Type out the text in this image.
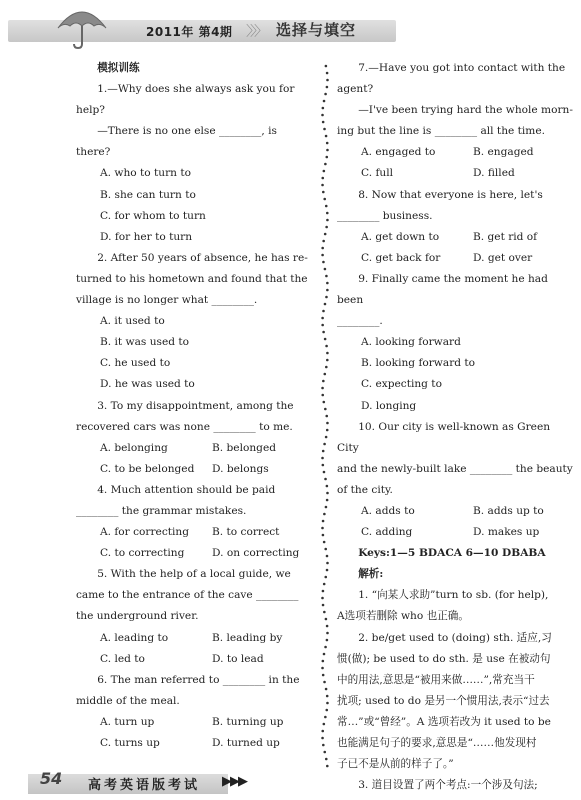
2011年 第4期 〉〉〉 选择与填空

模拟训练

1.—Why does she always ask you for

help?

—There is no one else ________, is

there?

A. who to turn to

B. she can turn to

C. for whom to turn

D. for her to turn

2. After 50 years of absence, he has re-

turned to his hometown and found that the

village is no longer what ________.

A. it used to

B. it was used to

C. he used to

D. he was used to

3. To my disappointment, among the

recovered cars was none ________ to me.

A. belonging	B. belonged

C. to be belonged	D. belongs

4. Much attention should be paid

________ the grammar mistakes.

A. for correcting	B. to correct

C. to correcting	D. on correcting

5. With the help of a local guide, we

came to the entrance of the cave ________

the underground river.

A. leading to	B. leading by

C. led to	D. to lead

6. The man referred to ________ in the

middle of the meal.

A. turn up	B. turning up

C. turns up	D. turned up

7.—Have you got into contact with the

agent?

—I've been trying hard the whole morn-

ing but the line is ________ all the time.

A. engaged to	B. engaged

C. full	D. filled

8. Now that everyone is here, let's

________ business.

A. get down to	B. get rid of

C. get back for	D. get over

9. Finally came the moment he had been

________.

A. looking forward

B. looking forward to

C. expecting to

D. longing

10. Our city is well-known as Green City

and the newly-built lake ________ the beauty

of the city.

A. adds to	B. adds up to

C. adding	D. makes up

Keys:1—5 BDACA 6—10 DBABA

解析:

1. “向某人求助”turn to sb. (for help),

A选项若删除 who 也正确。

2. be/get used to (doing) sth. 适应,习

惯(做); be used to do sth. 是 use 在被动句

中的用法,意思是“被用来做……”,常充当干

扰项; used to do 是另一个惯用法,表示“过去

常…”或“曾经”。A 选项若改为 it used to be

也能满足句子的要求,意思是“……他发现村

子已不是从前的样子了。”

3. 道目设置了两个考点:一个涉及句法;

54	高考英语版考试 ▶▶▶
